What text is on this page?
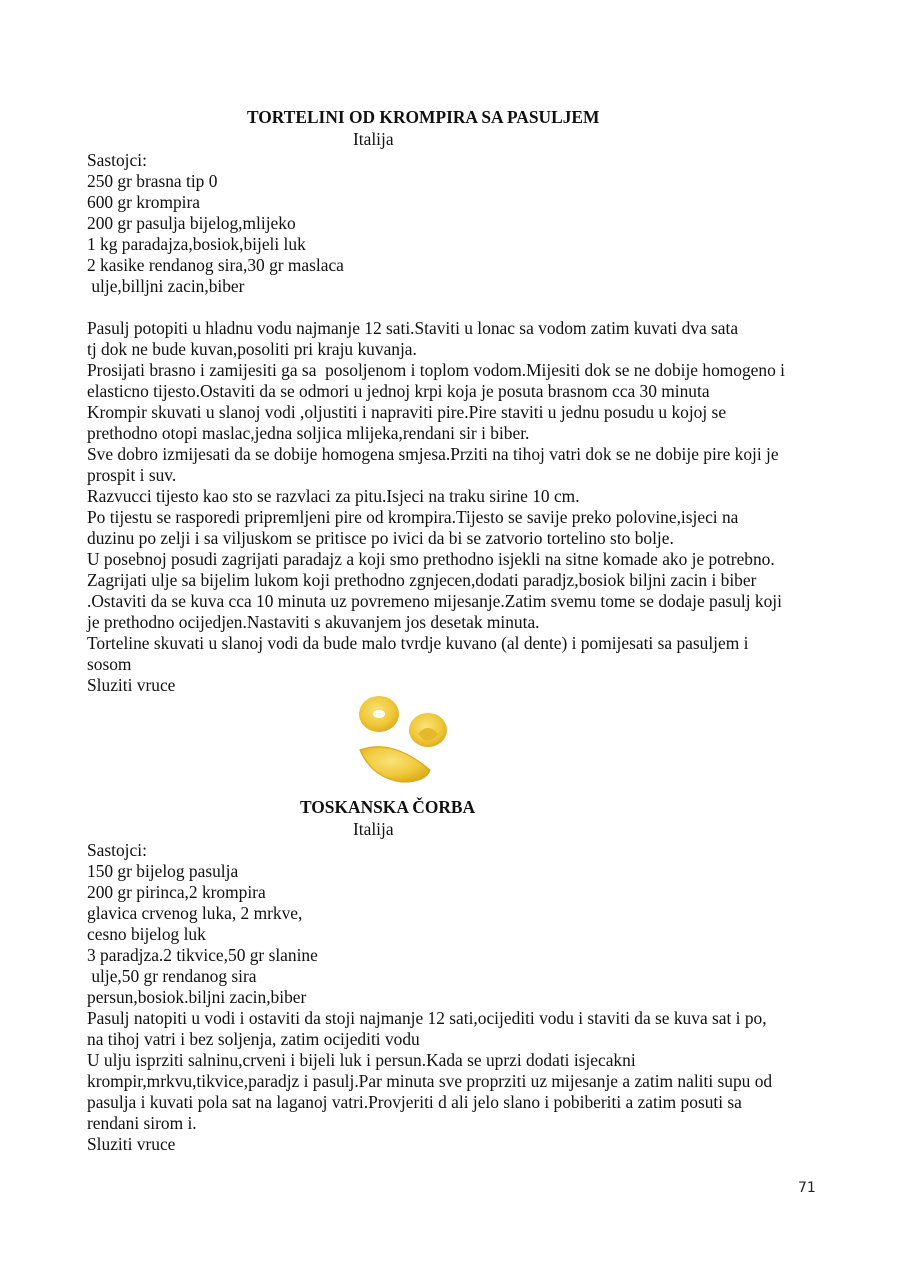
TORTELINI OD KROMPIRA SA PASULJEM
Italija
Sastojci:
250 gr brasna tip 0
600 gr krompira
200 gr pasulja bijelog,mlijeko
1 kg paradajza,bosiok,bijeli luk
2 kasike rendanog sira,30 gr maslaca
ulje,billjni zacin,biber
Pasulj potopiti u hladnu vodu najmanje 12 sati.Staviti u lonac sa vodom zatim kuvati dva sata
tj dok ne bude kuvan,posoliti pri kraju kuvanja.
Prosijati brasno i zamijesiti ga sa  posoljenom i toplom vodom.Mijesiti dok se ne dobije homogeno i
elasticno tijesto.Ostaviti da se odmori u jednoj krpi koja je posuta brasnom cca 30 minuta
Krompir skuvati u slanoj vodi ,oljustiti i napraviti pire.Pire staviti u jednu posudu u kojoj se
prethodno otopi maslac,jedna soljica mlijeka,rendani sir i biber.
Sve dobro izmijesati da se dobije homogena smjesa.Prziti na tihoj vatri dok se ne dobije pire koji je
prospit i suv.
Razvucci tijesto kao sto se razvlaci za pitu.Isjeci na traku sirine 10 cm.
Po tijestu se rasporedi pripremljeni pire od krompira.Tijesto se savije preko polovine,isjeci na
duzinu po zelji i sa viljuskom se pritisce po ivici da bi se zatvorio tortelino sto bolje.
U posebnoj posudi zagrijati paradajz a koji smo prethodno isjekli na sitne komade ako je potrebno.
Zagrijati ulje sa bijelim lukom koji prethodno zgnjecen,dodati paradjz,bosiok biljni zacin i biber
.Ostaviti da se kuva cca 10 minuta uz povremeno mijesanje.Zatim svemu tome se dodaje pasulj koji
je prethodno ocijedjen.Nastaviti s akuvanjem jos desetak minuta.
Torteline skuvati u slanoj vodi da bude malo tvrdje kuvano (al dente) i pomijesati sa pasuljem i
sosom
Sluziti vruce
TOSKANSKA ČORBA
Italija
Sastojci:
150 gr bijelog pasulja
200 gr pirinca,2 krompira
glavica crvenog luka, 2 mrkve,
cesno bijelog luk
3 paradjza.2 tikvice,50 gr slanine
ulje,50 gr rendanog sira
persun,bosiok.biljni zacin,biber
Pasulj natopiti u vodi i ostaviti da stoji najmanje 12 sati,ocijediti vodu i staviti da se kuva sat i po,
na tihoj vatri i bez soljenja, zatim ocijediti vodu
U ulju isprziti salninu,crveni i bijeli luk i persun.Kada se uprzi dodati isjecakni
krompir,mrkvu,tikvice,paradjz i pasulj.Par minuta sve proprziti uz mijesanje a zatim naliti supu od
pasulja i kuvati pola sat na laganoj vatri.Provjeriti d ali jelo slano i pobiberiti a zatim posuti sa
rendani sirom i.
Sluziti vruce
71
